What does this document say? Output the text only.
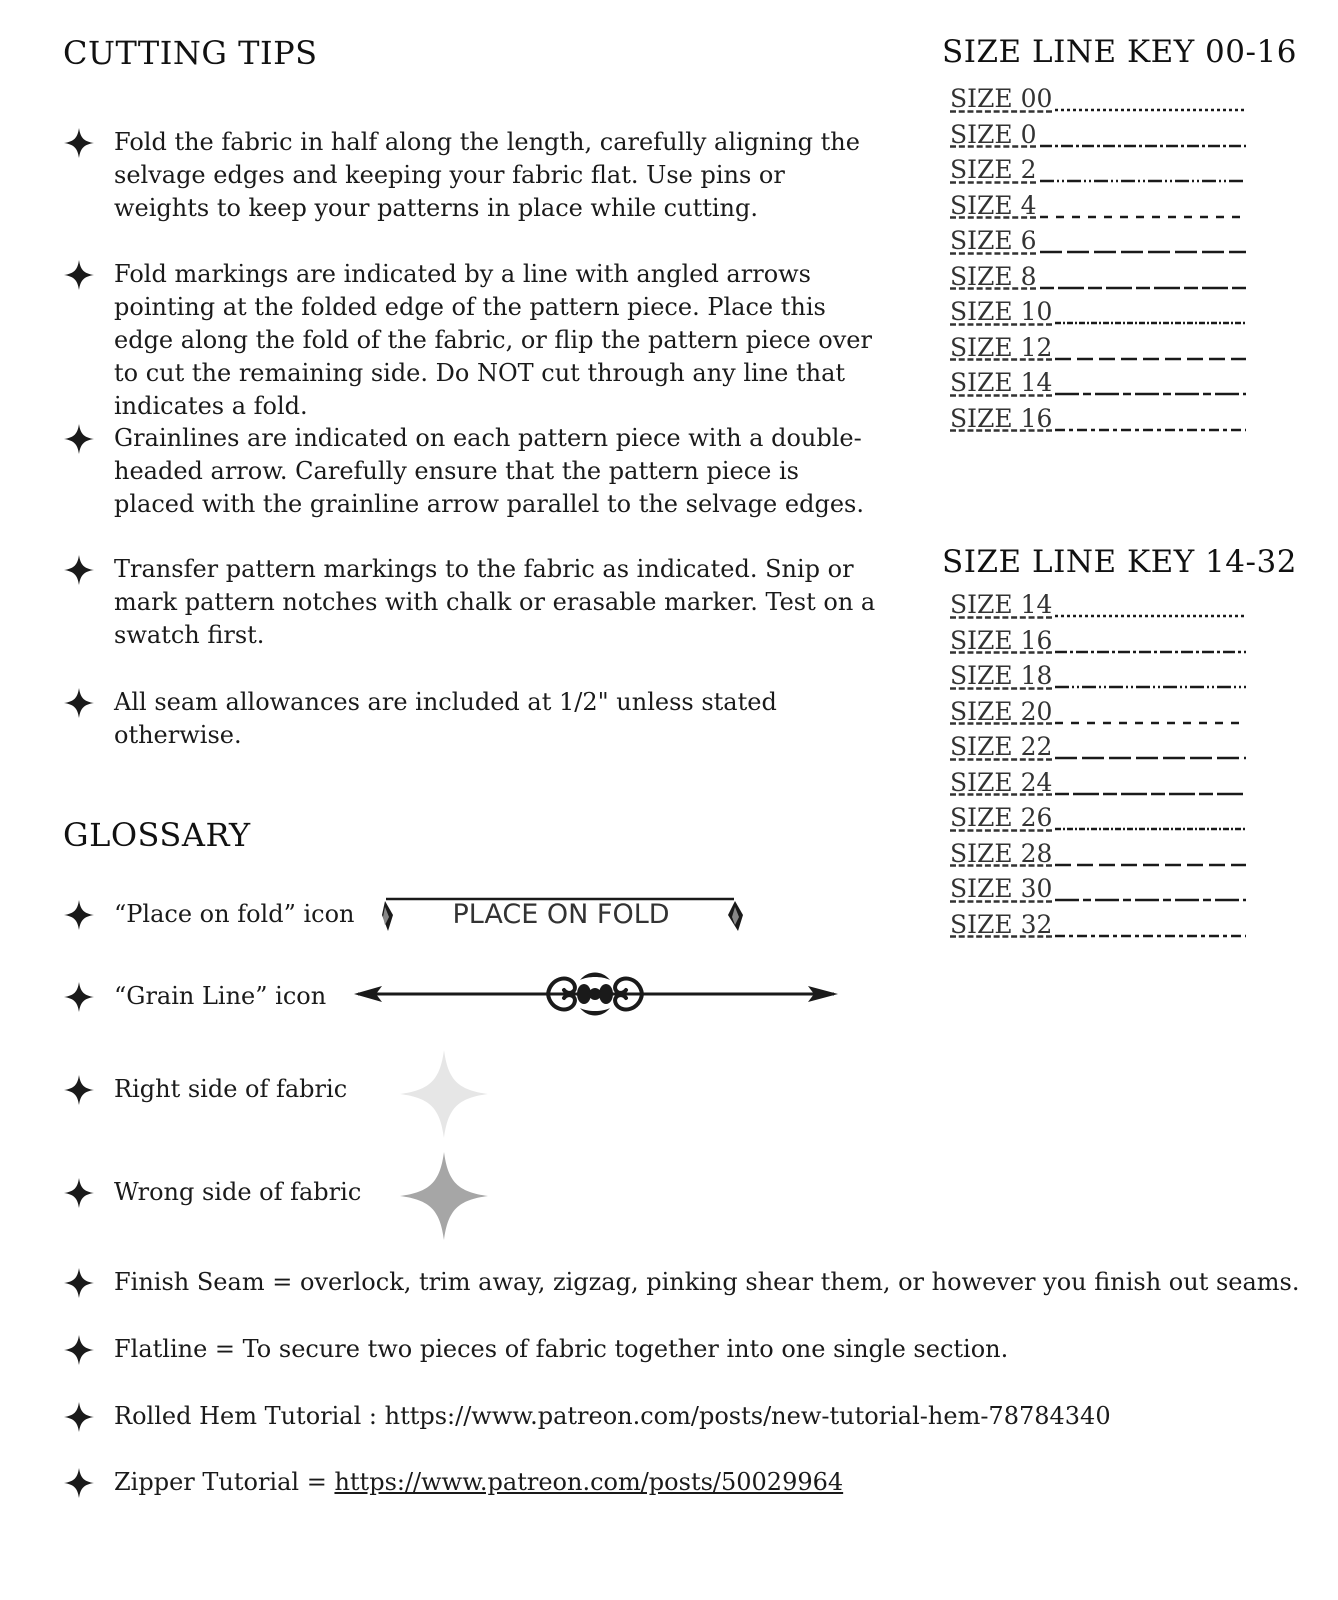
CUTTING TIPS
Fold the fabric in half along the length, carefully aligning the selvage edges and keeping your fabric flat. Use pins or weights to keep your patterns in place while cutting.
Fold markings are indicated by a line with angled arrows pointing at the folded edge of the pattern piece. Place this edge along the fold of the fabric, or flip the pattern piece over to cut the remaining side. Do NOT cut through any line that indicates a fold.
Grainlines are indicated on each pattern piece with a double-headed arrow. Carefully ensure that the pattern piece is placed with the grainline arrow parallel to the selvage edges.
Transfer pattern markings to the fabric as indicated. Snip or mark pattern notches with chalk or erasable marker. Test on a swatch first.
All seam allowances are included at 1/2" unless stated otherwise.
SIZE LINE KEY 00-16
SIZE 00
SIZE 0
SIZE 2
SIZE 4
SIZE 6
SIZE 8
SIZE 10
SIZE 12
SIZE 14
SIZE 16
SIZE LINE KEY 14-32
SIZE 14
SIZE 16
SIZE 18
SIZE 20
SIZE 22
SIZE 24
SIZE 26
SIZE 28
SIZE 30
SIZE 32
GLOSSARY
“Place on fold” icon	PLACE ON FOLD
“Grain Line” icon
Right side of fabric
Wrong side of fabric
Finish Seam = overlock, trim away, zigzag, pinking shear them, or however you finish out seams.
Flatline = To secure two pieces of fabric together into one single section.
Rolled Hem Tutorial : https://www.patreon.com/posts/new-tutorial-hem-78784340
Zipper Tutorial = https://www.patreon.com/posts/50029964
